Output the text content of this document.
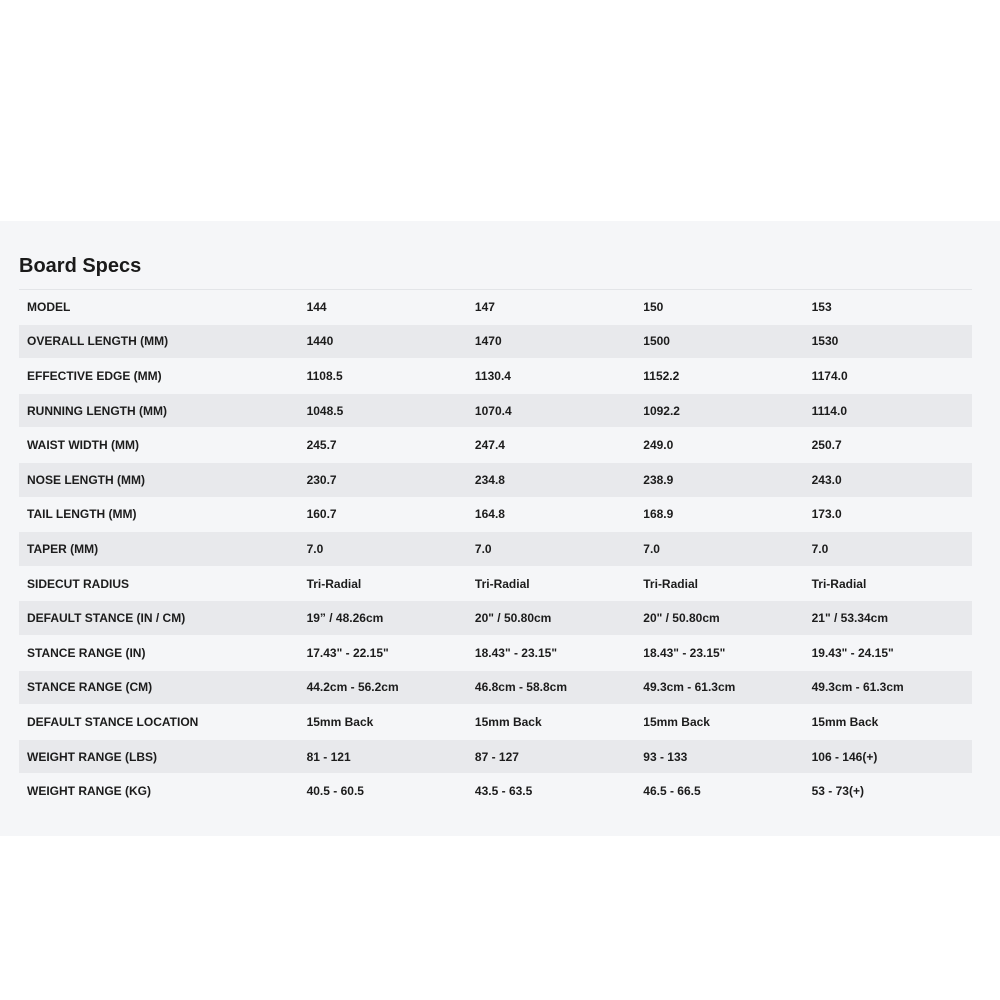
Board Specs
MODEL	144	147	150	153
OVERALL LENGTH (MM)	1440	1470	1500	1530
EFFECTIVE EDGE (MM)	1108.5	1130.4	1152.2	1174.0
RUNNING LENGTH (MM)	1048.5	1070.4	1092.2	1114.0
WAIST WIDTH (MM)	245.7	247.4	249.0	250.7
NOSE LENGTH (MM)	230.7	234.8	238.9	243.0
TAIL LENGTH (MM)	160.7	164.8	168.9	173.0
TAPER (MM)	7.0	7.0	7.0	7.0
SIDECUT RADIUS	Tri-Radial	Tri-Radial	Tri-Radial	Tri-Radial
DEFAULT STANCE (IN / CM)	19” / 48.26cm	20" / 50.80cm	20" / 50.80cm	21" / 53.34cm
STANCE RANGE (IN)	17.43" - 22.15"	18.43" - 23.15"	18.43" - 23.15"	19.43" - 24.15"
STANCE RANGE (CM)	44.2cm - 56.2cm	46.8cm - 58.8cm	49.3cm - 61.3cm	49.3cm - 61.3cm
DEFAULT STANCE LOCATION	15mm Back	15mm Back	15mm Back	15mm Back
WEIGHT RANGE (LBS)	81 - 121	87 - 127	93 - 133	106 - 146(+)
WEIGHT RANGE (KG)	40.5 - 60.5	43.5 - 63.5	46.5 - 66.5	53 - 73(+)
